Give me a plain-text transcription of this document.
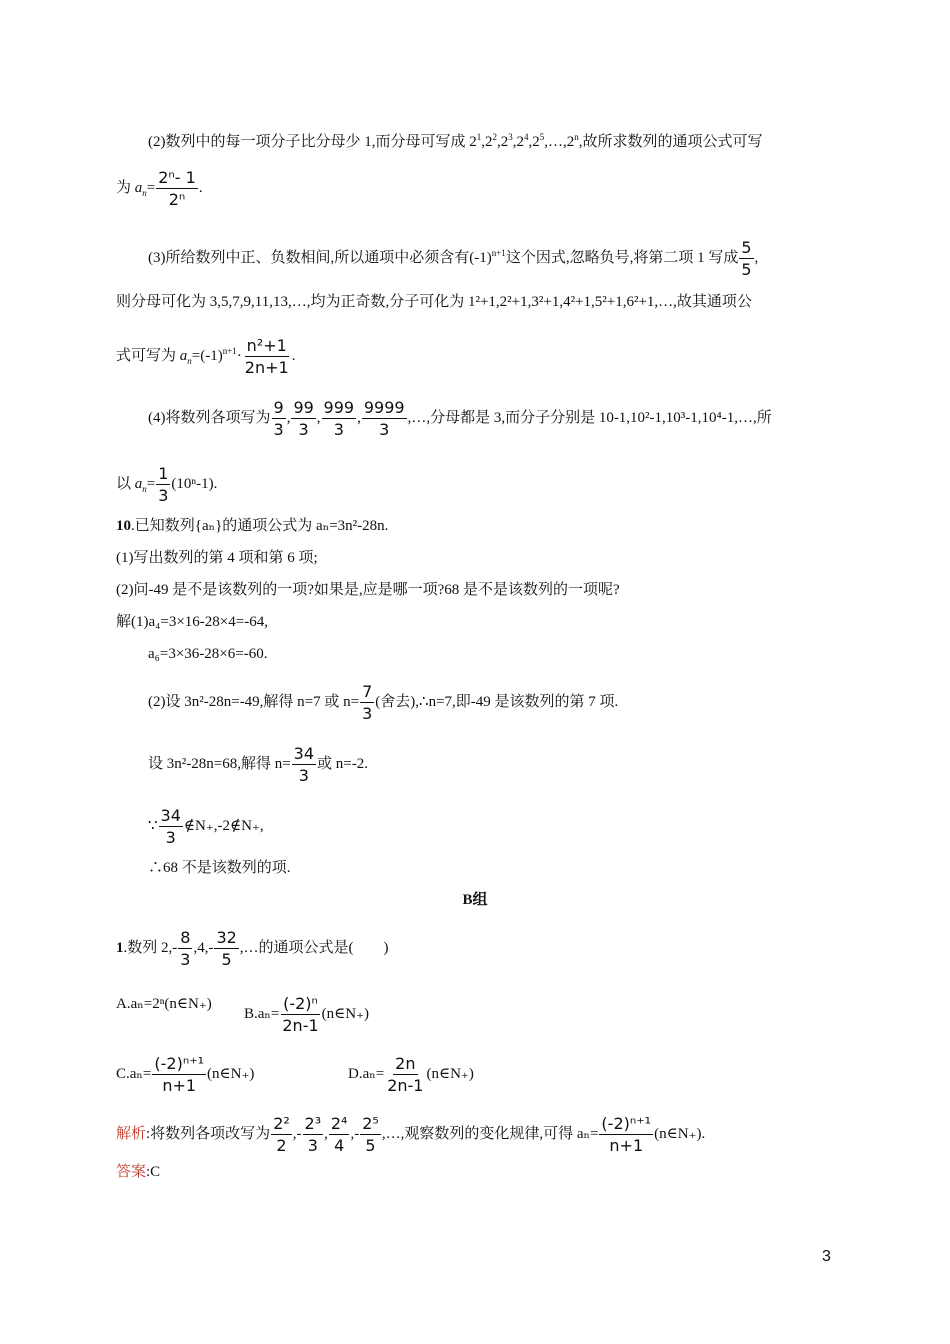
(2)数列中的每一项分子比分母少 1,而分母可写成 $2^1,2^2,2^3,2^4,2^5,\dots,2^n$,故所求数列的通项公式可写
为 $a_n= \frac{\text{2ⁿ- 1}}{\text{2ⁿ}}$ .
(3)所给数列中正、负数相间,所以通项中必须含有$(-1)^{n+1}$这个因式,忽略负号,将第二项 1 写成 $\frac{5}{5}$ ,
则分母可化为 3,5,7,9,11,13,…,均为正奇数,分子可化为 1²+1,2²+1,3²+1,4²+1,5²+1,6²+1,…,故其通项公
式可写为 $a_n=(-1)^{n+1}\cdot \frac{\text{n²+1}}{2n+1}$ .
(4)将数列各项写为 $\frac{9}{3}$ , $\frac{99}{3}$ , $\frac{999}{3}$ , $\frac{9999}{3}$ ,…,分母都是 3,而分子分别是 10-1,10²-1,10³-1,10⁴-1,…,所
以 $a_n= \frac{1}{3} (10^n-1)$.
10.已知数列{aₙ}的通项公式为 aₙ=3n²-28n.
(1)写出数列的第 4 项和第 6 项;
(2)问-49 是不是该数列的一项?如果是,应是哪一项?68 是不是该数列的一项呢?
解(1)a₄=3×16-28×4=-64,
a₆=3×36-28×6=-60.
(2)设 3n²-28n=-49,解得 n=7 或 $n= \frac{7}{3}$ (舍去),∴n=7,即-49 是该数列的第 7 项.
设 3n²-28n=68,解得 $n= \frac{34}{3}$ 或 n=-2.
∵ $\frac{34}{3}$ ∉N₊,-2∉N₊,
∴68 不是该数列的项.
B组
1.数列 $2,- \frac{8}{3} ,4,- \frac{32}{5}$ ,…的通项公式是(　　)
A.aₙ=2ⁿ(n∈N₊)
$B.a_n= \frac{\text{(-2)ⁿ}}{2n-1}$ (n∈N₊)
$C.a_n= \frac{\text{(-2)ⁿ⁺¹}}{n+1}$ (n∈N₊)	$D.a_n= \frac{2n}{2n-1}$ (n∈N₊)
解析:将数列各项改写为 $\frac{\text{2²}}{2}$ ,- $\frac{\text{2³}}{3}$ , $\frac{\text{2⁴}}{4}$ ,- $\frac{\text{2⁵}}{5}$ ,…,观察数列的变化规律,可得 $a_n= \frac{\text{(-2)ⁿ⁺¹}}{n+1}$ (n∈N₊).
答案:C
3
